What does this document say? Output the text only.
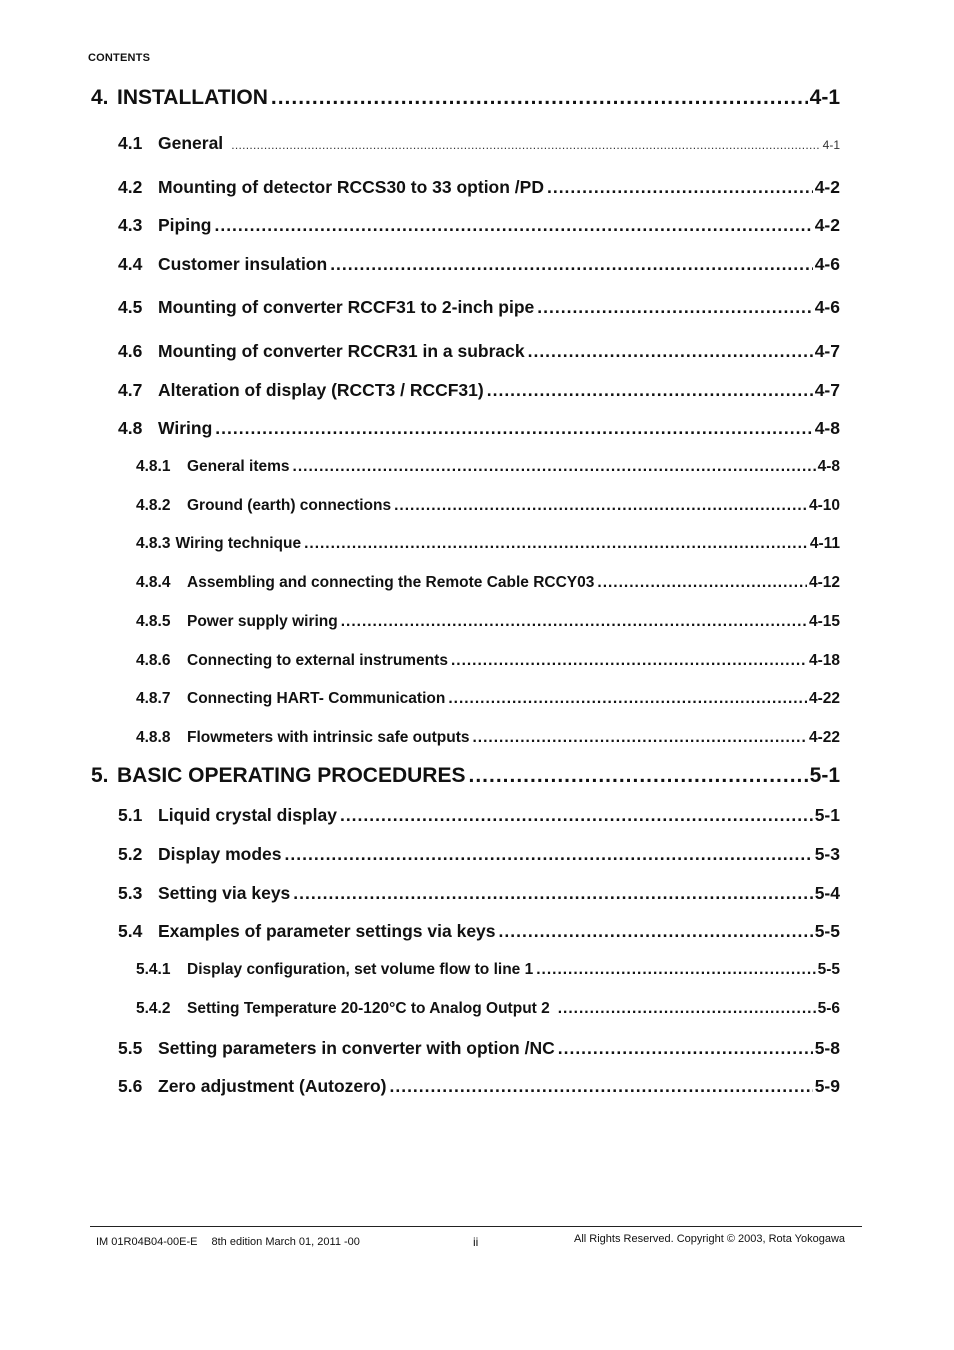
CONTENTS
4. INSTALLATION .....	4-1
4.1 General .....	4-1
4.2 Mounting of detector RCCS30 to 33 option /PD .....	4-2
4.3 Piping .....	4-2
4.4 Customer insulation .....	4-6
4.5 Mounting of converter RCCF31 to 2-inch pipe .....	4-6
4.6 Mounting of converter RCCR31 in a subrack .....	4-7
4.7 Alteration of display (RCCT3 / RCCF31) .....	4-7
4.8 Wiring .....	4-8
4.8.1	General items .....	4-8
4.8.2	Ground (earth) connections .....	4-10
4.8.3 Wiring technique .....	4-11
4.8.4	Assembling and connecting the Remote Cable RCCY03 .....	4-12
4.8.5	Power supply wiring .....	4-15
4.8.6	Connecting to external instruments .....	4-18
4.8.7	Connecting HART- Communication .....	4-22
4.8.8	Flowmeters with intrinsic safe outputs .....	4-22
5. BASIC OPERATING PROCEDURES .....	5-1
5.1 Liquid crystal display .....	5-1
5.2 Display modes .....	5-3
5.3 Setting via keys .....	5-4
5.4 Examples of parameter settings via keys .....	5-5
5.4.1	Display configuration, set volume flow to line 1 .....	5-5
5.4.2	Setting Temperature 20-120°C to Analog Output 2 .....	5-6
5.5 Setting parameters in converter with option /NC .....	5-8
5.6 Zero adjustment (Autozero) .....	5-9
IM 01R04B04-00E-E 8th edition March 01, 2011 -00	ii	All Rights Reserved. Copyright © 2003, Rota Yokogawa
